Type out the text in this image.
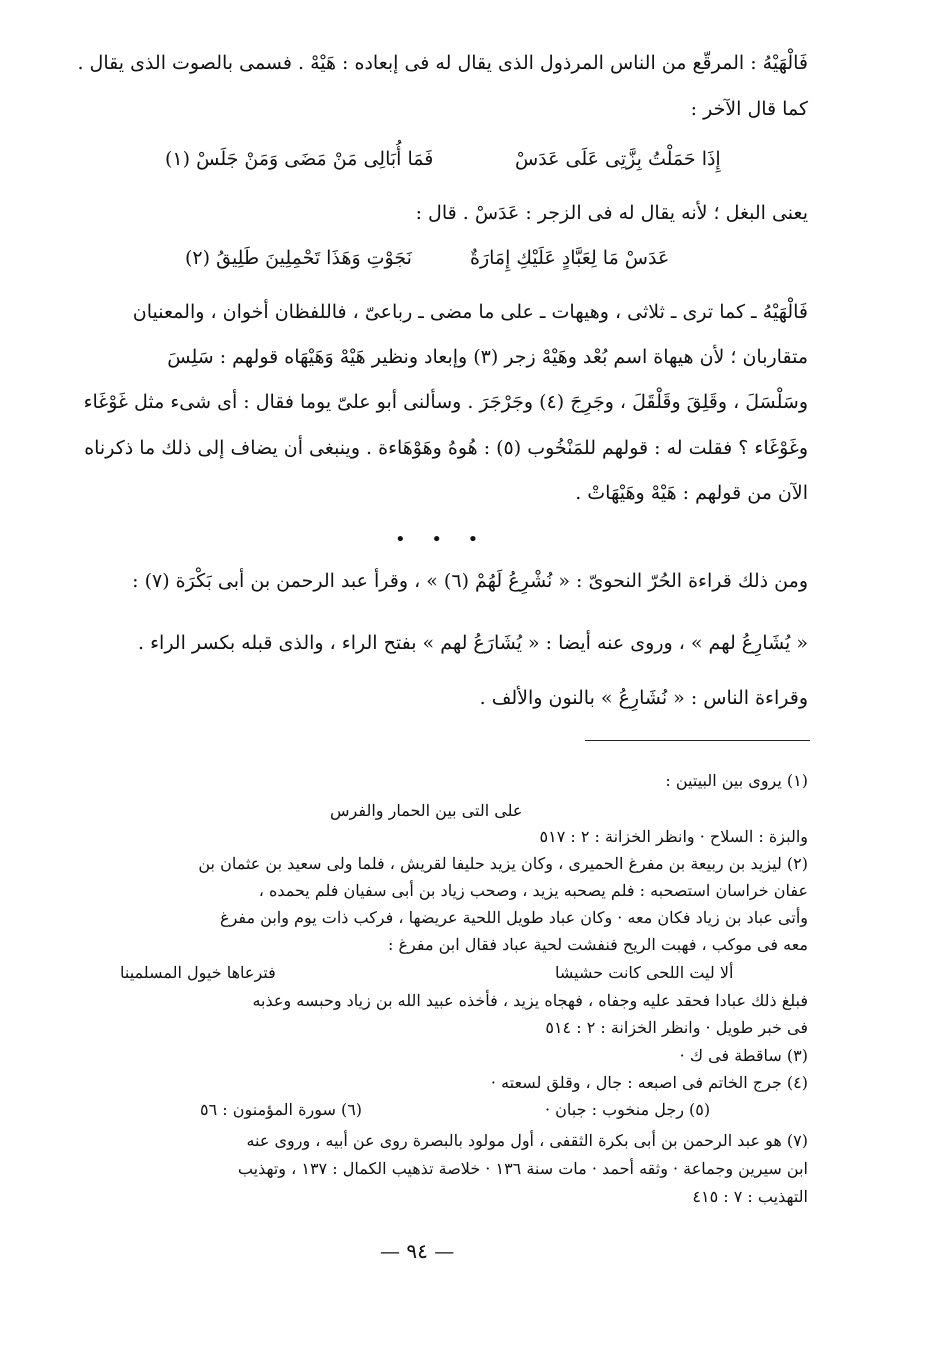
فَالْهَيْهُ : المرقّع من الناس المرذول الذى يقال له فى إبعاده : هَيْهْ . فسمى بالصوت الذى يقال .
كما قال الآخر :
فَمَا أُبَالِى مَنْ مَضَى وَمَنْ جَلَسْ (١)	إِذَا حَمَلْتُ بِزَّتِى عَلَى عَدَسْ
يعنى البغل ؛ لأنه يقال له فى الزجر : عَدَسْ . قال :
نَجَوْتِ وَهَذَا تَحْمِلِينَ طَلِيقُ (٢)	عَدَسْ مَا لِعَبَّادٍ عَلَيْكِ إِمَارَةٌ
فَالْهَيْهُ ـ كما ترى ـ ثلاثى ، وهيهات ـ على ما مضى ـ رباعىّ ، فاللفظان أخوان ، والمعنيان
متقاربان ؛ لأن هيهاة اسم بُعْد وهَيْهْ زجر (٣) وإبعاد ونظير هَيْهْ وَهَيْهَاه قولهم : سَلِسَ
وسَلْسَلَ ، وقَلِقَ وقَلْقَلَ ، وجَرِجَ (٤) وجَرْجَرَ . وسألنى أبو علىّ يوما فقال : أى شىء مثل غَوْغَاء
وغَوْغَاء ؟ فقلت له : قولهم للمَنْخُوب (٥) : هُوهُ وهَوْهَاءة . وينبغى أن يضاف إلى ذلك ما ذكرناه
الآن من قولهم : هَيْهْ وهَيْهَاتْ .
• • •
ومن ذلك قراءة الحُرّ النحوىّ : « نُشْرِعُ لَهُمْ (٦) » ، وقرأ عبد الرحمن بن أبى بَكْرَة (٧) :
« يُشَارِعُ لهم » ، وروى عنه أيضا : « يُشَارَعُ لهم » بفتح الراء ، والذى قبله بكسر الراء .
وقراءة الناس : « نُشَارِعُ » بالنون والألف .
(١) يروى بين البيتين :
على التى بين الحمار والفرس
والبزة : السلاح · وانظر الخزانة : ٢ : ٥١٧
(٢) ليزيد بن ربيعة بن مفرغ الحميرى ، وكان يزيد حليفا لقريش ، فلما ولى سعيد بن عثمان بن
عفان خراسان استصحبه : فلم يصحبه يزيد ، وصحب زياد بن أبى سفيان فلم يحمده ،
وأتى عباد بن زياد فكان معه · وكان عباد طويل اللحية عريضها ، فركب ذات يوم وابن مفرغ
معه فى موكب ، فهبت الريح فنفشت لحية عباد فقال ابن مفرغ :
فترعاها خيول المسلمينا	ألا ليت اللحى كانت حشيشا
فبلغ ذلك عبادا فحقد عليه وجفاه ، فهجاه يزيد ، فأخذه عبيد الله بن زياد وحبسه وعذبه
فى خبر طويل · وانظر الخزانة : ٢ : ٥١٤
(٣) ساقطة فى ك ·
(٤) جرج الخاتم فى اصبعه : جال ، وقلق لسعته ·
(٥) رجل منخوب : جبان ·
(٦) سورة المؤمنون : ٥٦
(٧) هو عبد الرحمن بن أبى بكرة الثقفى ، أول مولود بالبصرة روى عن أبيه ، وروى عنه
ابن سيرين وجماعة · وثقه أحمد · مات سنة ١٣٦ · خلاصة تذهيب الكمال : ١٣٧ ، وتهذيب
التهذيب : ٧ : ٤١٥
— ٩٤ —
